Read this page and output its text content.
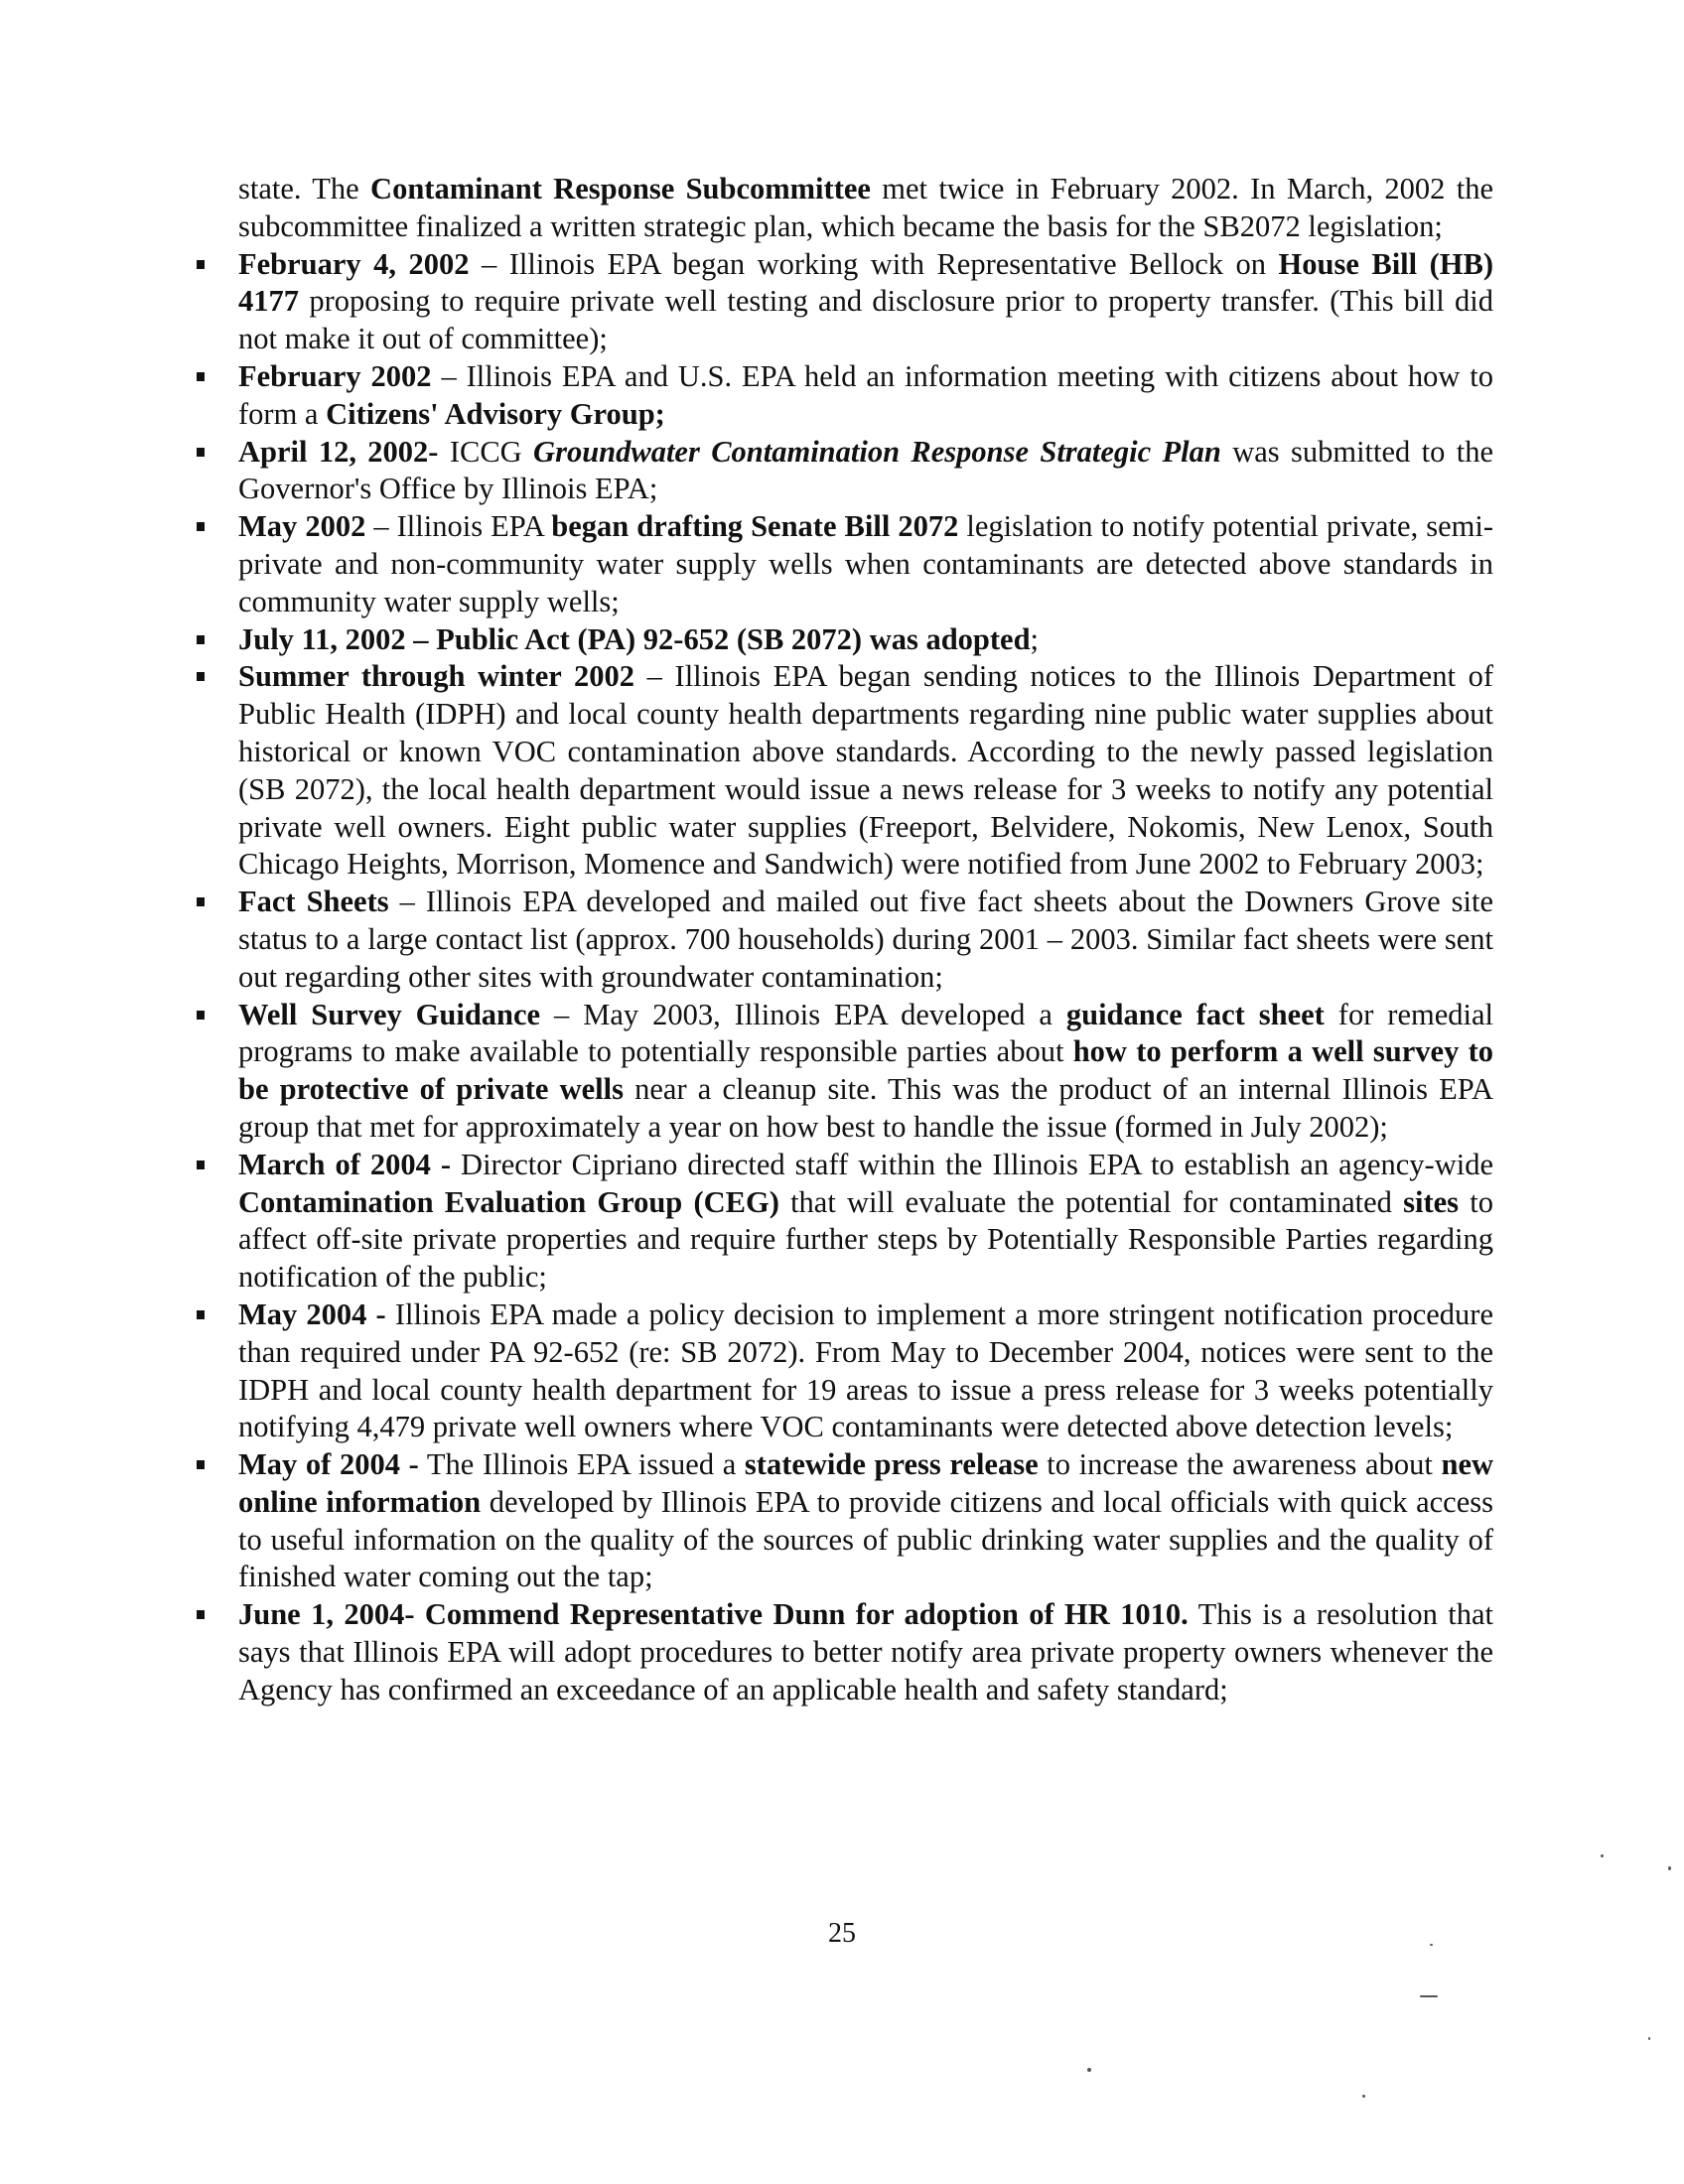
state. The Contaminant Response Subcommittee met twice in February 2002. In March, 2002 the subcommittee finalized a written strategic plan, which became the basis for the SB2072 legislation;

February 4, 2002 – Illinois EPA began working with Representative Bellock on House Bill (HB) 4177 proposing to require private well testing and disclosure prior to property transfer. (This bill did not make it out of committee);
February 2002 – Illinois EPA and U.S. EPA held an information meeting with citizens about how to form a Citizens' Advisory Group;
April 12, 2002- ICCG Groundwater Contamination Response Strategic Plan was submitted to the Governor's Office by Illinois EPA;
May 2002 – Illinois EPA began drafting Senate Bill 2072 legislation to notify potential private, semi-private and non-community water supply wells when contaminants are detected above standards in community water supply wells;
July 11, 2002 – Public Act (PA) 92-652 (SB 2072) was adopted;
Summer through winter 2002 – Illinois EPA began sending notices to the Illinois Department of Public Health (IDPH) and local county health departments regarding nine public water supplies about historical or known VOC contamination above standards. According to the newly passed legislation (SB 2072), the local health department would issue a news release for 3 weeks to notify any potential private well owners. Eight public water supplies (Freeport, Belvidere, Nokomis, New Lenox, South Chicago Heights, Morrison, Momence and Sandwich) were notified from June 2002 to February 2003;
Fact Sheets – Illinois EPA developed and mailed out five fact sheets about the Downers Grove site status to a large contact list (approx. 700 households) during 2001 – 2003. Similar fact sheets were sent out regarding other sites with groundwater contamination;
Well Survey Guidance – May 2003, Illinois EPA developed a guidance fact sheet for remedial programs to make available to potentially responsible parties about how to perform a well survey to be protective of private wells near a cleanup site. This was the product of an internal Illinois EPA group that met for approximately a year on how best to handle the issue (formed in July 2002);
March of 2004 - Director Cipriano directed staff within the Illinois EPA to establish an agency-wide Contamination Evaluation Group (CEG) that will evaluate the potential for contaminated sites to affect off-site private properties and require further steps by Potentially Responsible Parties regarding notification of the public;
May 2004 - Illinois EPA made a policy decision to implement a more stringent notification procedure than required under PA 92-652 (re: SB 2072). From May to December 2004, notices were sent to the IDPH and local county health department for 19 areas to issue a press release for 3 weeks potentially notifying 4,479 private well owners where VOC contaminants were detected above detection levels;
May of 2004 - The Illinois EPA issued a statewide press release to increase the awareness about new online information developed by Illinois EPA to provide citizens and local officials with quick access to useful information on the quality of the sources of public drinking water supplies and the quality of finished water coming out the tap;
June 1, 2004- Commend Representative Dunn for adoption of HR 1010. This is a resolution that says that Illinois EPA will adopt procedures to better notify area private property owners whenever the Agency has confirmed an exceedance of an applicable health and safety standard;
25
